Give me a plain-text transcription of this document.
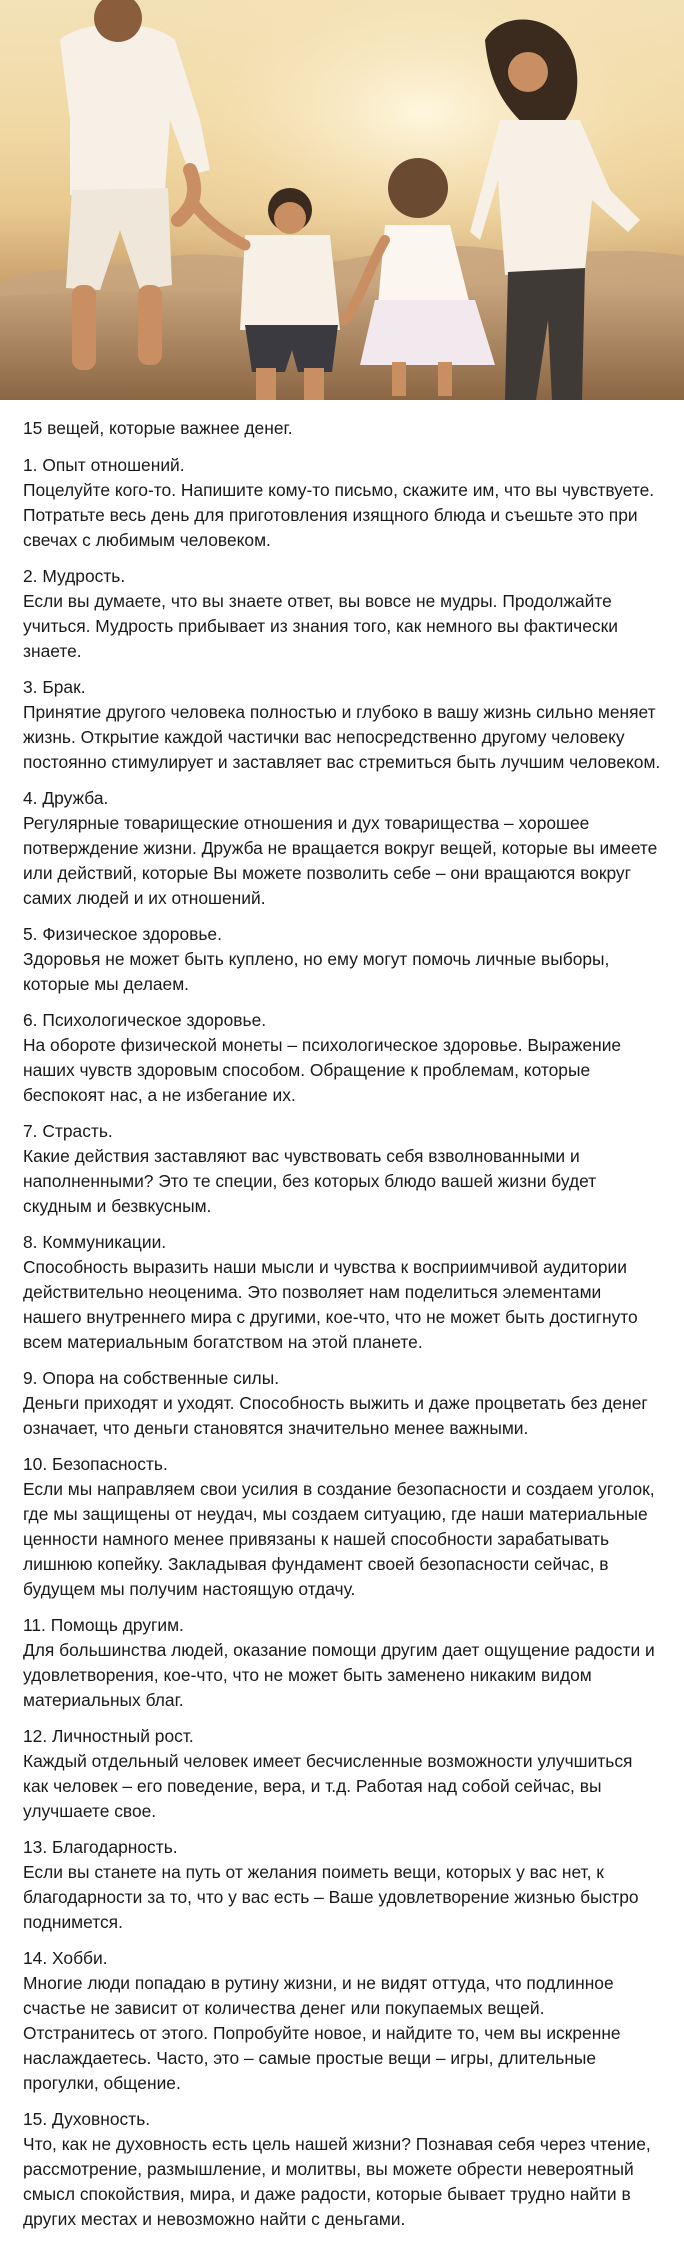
15 вещей, которые важнее денег.
1. Опыт отношений.
Поцелуйте кого-то. Напишите кому-то письмо, скажите им, что вы чувствуете. Потратьте весь день для приготовления изящного блюда и съешьте это при свечах с любимым человеком.
2. Мудрость.
Если вы думаете, что вы знаете ответ, вы вовсе не мудры. Продолжайте учиться. Мудрость прибывает из знания того, как немного вы фактически знаете.
3. Брак.
Принятие другого человека полностью и глубоко в вашу жизнь сильно меняет жизнь. Открытие каждой частички вас непосредственно другому человеку постоянно стимулирует и заставляет вас стремиться быть лучшим человеком.
4. Дружба.
Регулярные товарищеские отношения и дух товарищества – хорошее потверждение жизни. Дружба не вращается вокруг вещей, которые вы имеете или действий, которые Вы можете позволить себе – они вращаются вокруг самих людей и их отношений.
5. Физическое здоровье.
Здоровья не может быть куплено, но ему могут помочь личные выборы, которые мы делаем.
6. Психологическое здоровье.
На обороте физической монеты – психологическое здоровье. Выражение наших чувств здоровым способом. Обращение к проблемам, которые беспокоят нас, а не избегание их.
7. Страсть.
Какие действия заставляют вас чувствовать себя взволнованными и наполненными? Это те специи, без которых блюдо вашей жизни будет скудным и безвкусным.
8. Коммуникации.
Способность выразить наши мысли и чувства к восприимчивой аудитории действительно неоценима. Это позволяет нам поделиться элементами нашего внутреннего мира с другими, кое-что, что не может быть достигнуто всем материальным богатством на этой планете.
9. Опора на собственные силы.
Деньги приходят и уходят. Способность выжить и даже процветать без денег означает, что деньги становятся значительно менее важными.
10. Безопасность.
Если мы направляем свои усилия в создание безопасности и создаем уголок, где мы защищены от неудач, мы создаем ситуацию, где наши материальные ценности намного менее привязаны к нашей способности зарабатывать лишнюю копейку. Закладывая фундамент своей безопасности сейчас, в будущем мы получим настоящую отдачу.
11. Помощь другим.
Для большинства людей, оказание помощи другим дает ощущение радости и удовлетворения, кое-что, что не может быть заменено никаким видом материальных благ.
12. Личностный рост.
Каждый отдельный человек имеет бесчисленные возможности улучшиться как человек – его поведение, вера, и т.д. Работая над собой сейчас, вы улучшаете свое.
13. Благодарность.
Если вы станете на путь от желания поиметь вещи, которых у вас нет, к благодарности за то, что у вас есть – Ваше удовлетворение жизнью быстро поднимется.
14. Хобби.
Многие люди попадаю в рутину жизни, и не видят оттуда, что подлинное счастье не зависит от количества денег или покупаемых вещей. Отстранитесь от этого. Попробуйте новое, и найдите то, чем вы искренне наслаждаетесь. Часто, это – самые простые вещи – игры, длительные прогулки, общение.
15. Духовность.
Что, как не духовность есть цель нашей жизни? Познавая себя через чтение, рассмотрение, размышление, и молитвы, вы можете обрести невероятный смысл спокойствия, мира, и даже радости, которые бывает трудно найти в других местах и невозможно найти с деньгами.
